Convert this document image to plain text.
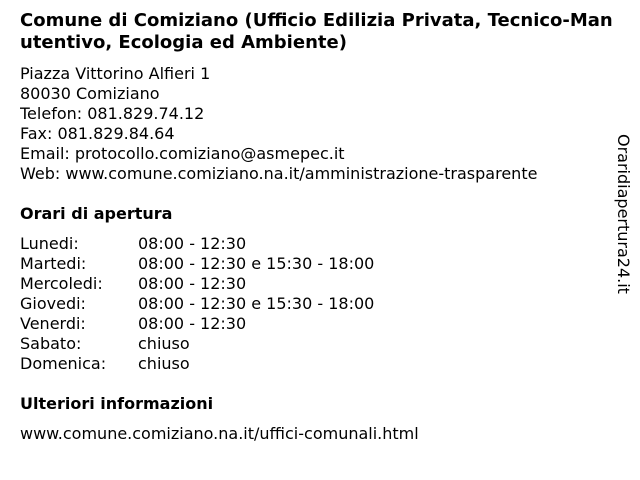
Comune di Comiziano (Ufficio Edilizia Privata, Tecnico-Manutentivo, Ecologia ed Ambiente)
Piazza Vittorino Alfieri 1
80030 Comiziano
Telefon: 081.829.74.12
Fax: 081.829.84.64
Email: protocollo.comiziano@asmepec.it
Web: www.comune.comiziano.na.it/amministrazione-trasparente
Orari di apertura
Lunedi:	08:00 - 12:30
Martedi:	08:00 - 12:30 e 15:30 - 18:00
Mercoledi:	08:00 - 12:30
Giovedi:	08:00 - 12:30 e 15:30 - 18:00
Venerdi:	08:00 - 12:30
Sabato:	chiuso
Domenica:	chiuso
Ulteriori informazioni
www.comune.comiziano.na.it/uffici-comunali.html
Oraridiapertura24.it
